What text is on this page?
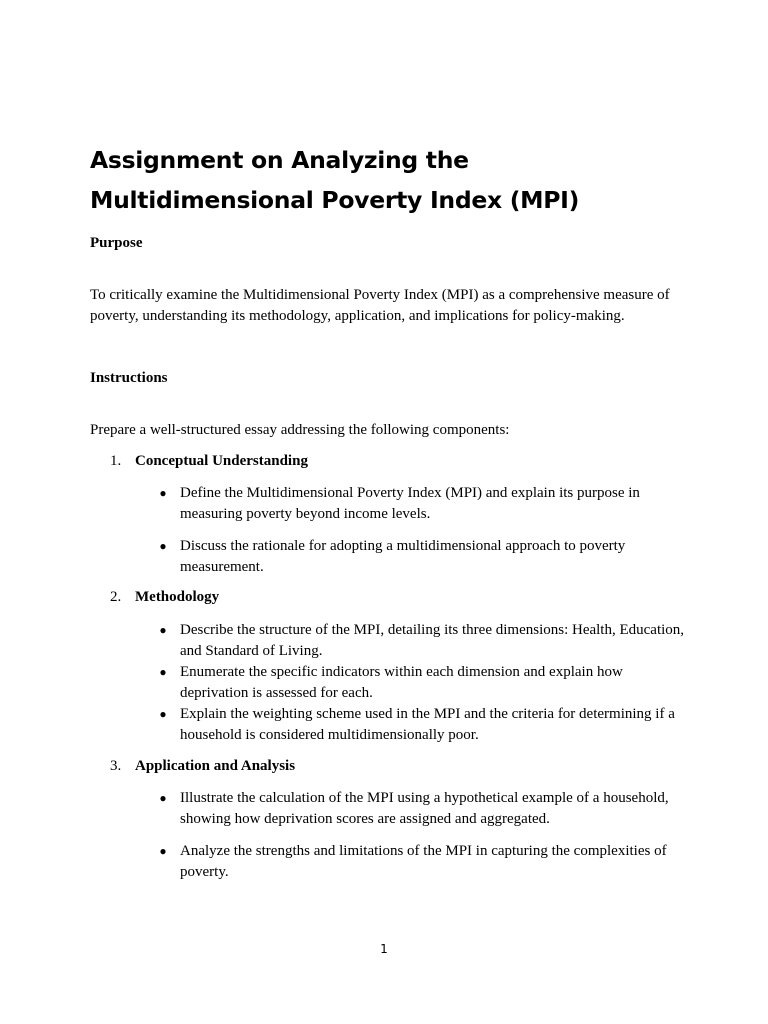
Assignment on Analyzing the Multidimensional Poverty Index (MPI)

Purpose

To critically examine the Multidimensional Poverty Index (MPI) as a comprehensive measure of poverty, understanding its methodology, application, and implications for policy-making.

Instructions

Prepare a well-structured essay addressing the following components:

1. Conceptual Understanding

● Define the Multidimensional Poverty Index (MPI) and explain its purpose in measuring poverty beyond income levels.
● Discuss the rationale for adopting a multidimensional approach to poverty measurement.

2. Methodology

● Describe the structure of the MPI, detailing its three dimensions: Health, Education, and Standard of Living.
● Enumerate the specific indicators within each dimension and explain how deprivation is assessed for each.
● Explain the weighting scheme used in the MPI and the criteria for determining if a household is considered multidimensionally poor.

3. Application and Analysis

● Illustrate the calculation of the MPI using a hypothetical example of a household, showing how deprivation scores are assigned and aggregated.
● Analyze the strengths and limitations of the MPI in capturing the complexities of poverty.
1
